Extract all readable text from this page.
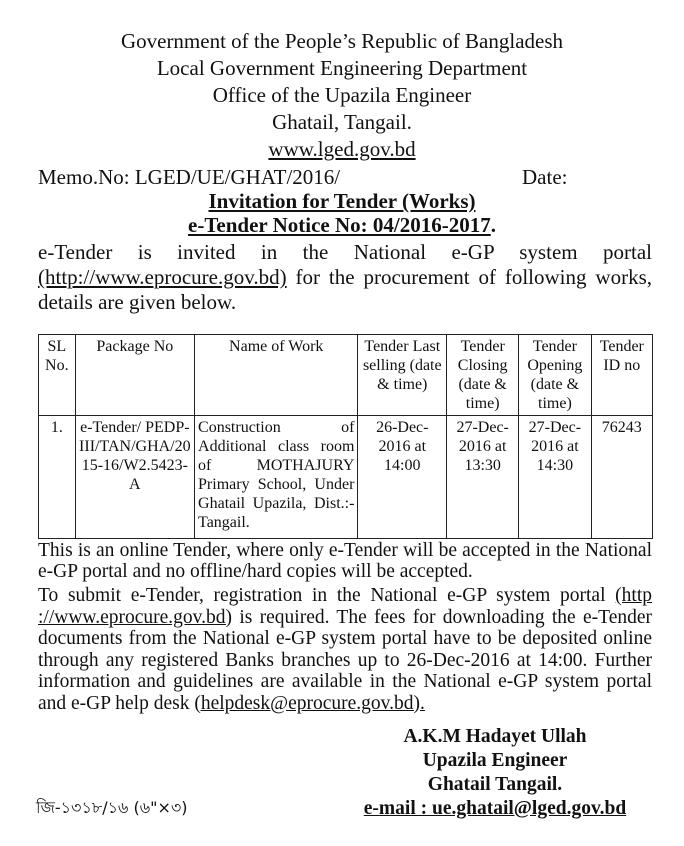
Government of the People’s Republic of Bangladesh
Local Government Engineering Department
Office of the Upazila Engineer
Ghatail, Tangail.
www.lged.gov.bd
Memo.No: LGED/UE/GHAT/2016/	Date:
Invitation for Tender (Works)
e-Tender Notice No: 04/2016-2017.
e-Tender is invited in the National e-GP system portal (http://www.eprocure.gov.bd) for the procurement of following works, details are given below.
SL No.	Package No	Name of Work	Tender Last selling (date & time)	Tender Closing (date & time)	Tender Opening (date & time)	Tender ID no
1.	e-Tender/ PEDP-III/TAN/GHA/2015-16/W2.5423-A	Construction of Additional class room of MOTHAJURY Primary School, Under Ghatail Upazila, Dist.:- Tangail.	26-Dec-2016 at 14:00	27-Dec-2016 at 13:30	27-Dec-2016 at 14:30	76243
This is an online Tender, where only e-Tender will be accepted in the National e-GP portal and no offline/hard copies will be accepted.
To submit e-Tender, registration in the National e-GP system portal (http ://www.eprocure.gov.bd) is required. The fees for downloading the e-Tender documents from the National e-GP system portal have to be deposited online through any registered Banks branches up to 26-Dec-2016 at 14:00. Further information and guidelines are available in the National e-GP system portal and e-GP help desk (helpdesk@eprocure.gov.bd).
A.K.M Hadayet Ullah
Upazila Engineer
Ghatail Tangail.
e-mail : ue.ghatail@lged.gov.bd
জি-১৩১৮/১৬ (৬"×৩)
